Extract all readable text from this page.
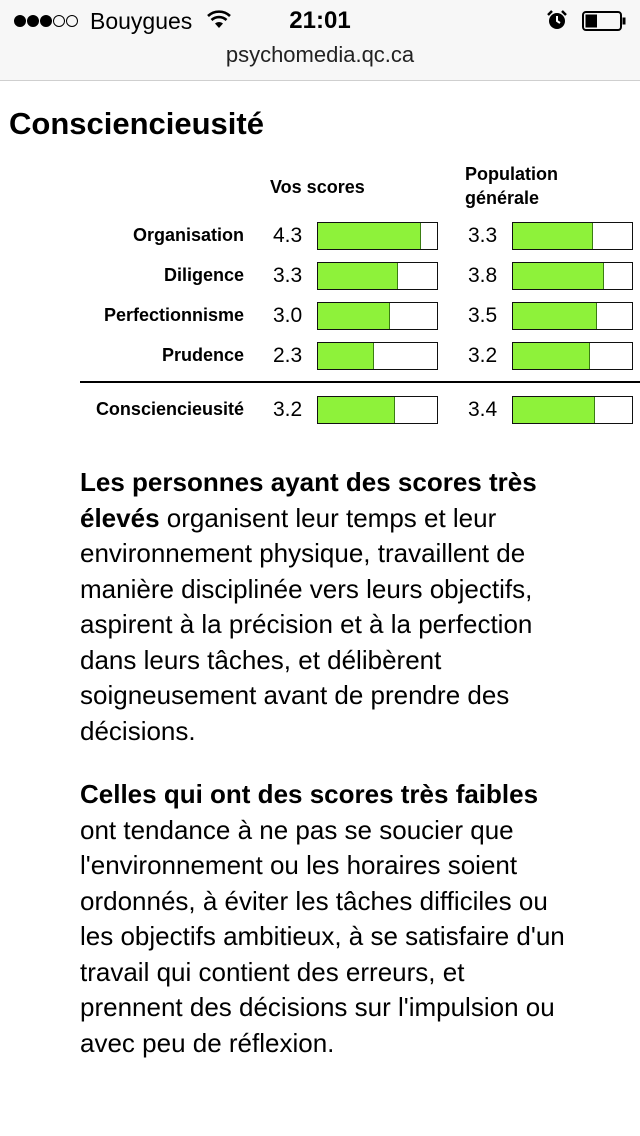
Bouygues	21:01
psychomedia.qc.ca
Consciencieusité
Vos scores
Population générale
Organisation 4.3	3.3
Diligence 3.3	3.8
Perfectionnisme 3.0	3.5
Prudence 2.3	3.2
Consciencieusité 3.2	3.4

Les personnes ayant des scores très élevés organisent leur temps et leur environnement physique, travaillent de manière disciplinée vers leurs objectifs, aspirent à la précision et à la perfection dans leurs tâches, et délibèrent soigneusement avant de prendre des décisions.

Celles qui ont des scores très faibles ont tendance à ne pas se soucier que l'environnement ou les horaires soient ordonnés, à éviter les tâches difficiles ou les objectifs ambitieux, à se satisfaire d'un travail qui contient des erreurs, et prennent des décisions sur l'impulsion ou avec peu de réflexion.
